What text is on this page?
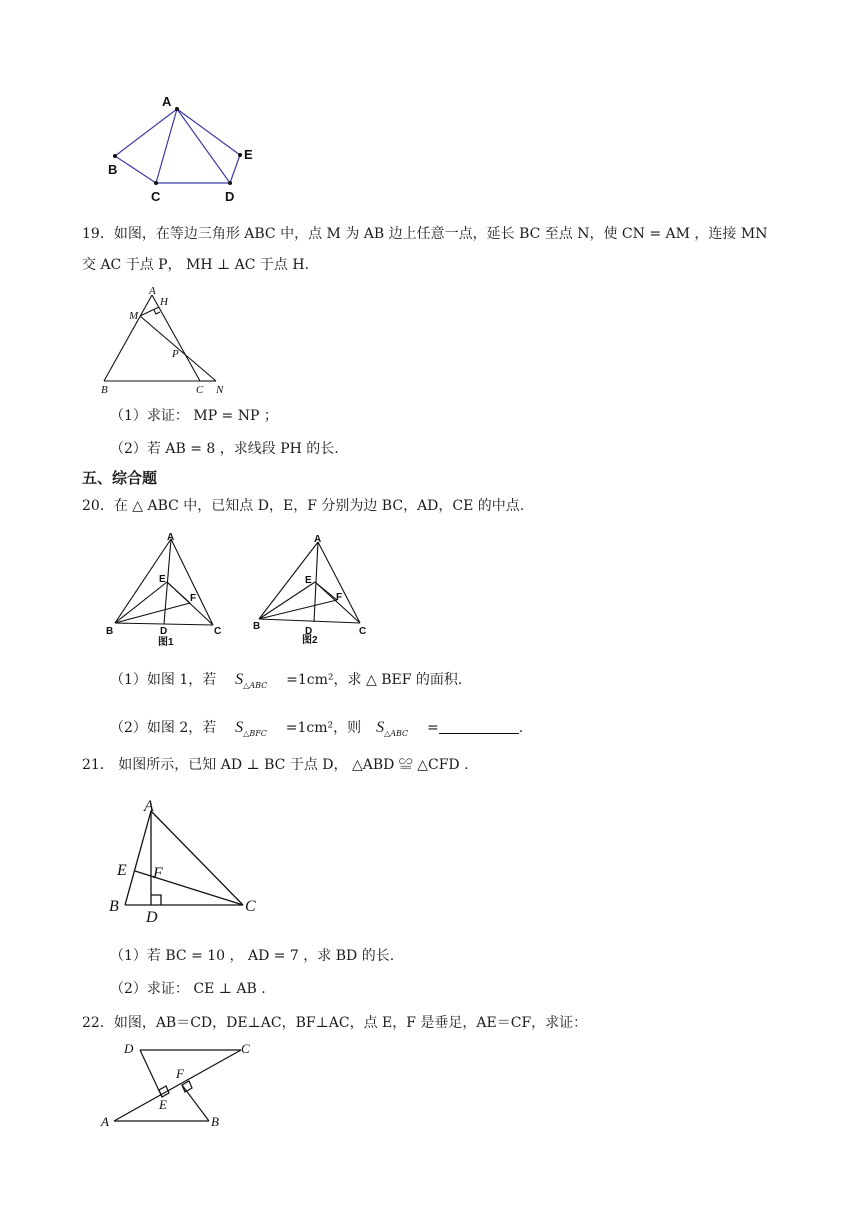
A
B
C	D
E
19．如图，在等边三角形 ABC 中，点 M 为 AB 边上任意一点，延长 BC 至点 N，使 CN = AM ，连接 MN
交 AC 于点 P， MH ⊥ AC 于点 H.
A
H
M
P
B	C N
（1）求证： MP = NP ；
（2）若 AB = 8 ，求线段 PH 的长.
五、综合题
20．在 △ ABC 中，已知点 D，E，F 分别为边 BC，AD，CE 的中点.
A
E
F
B	D	C
图1
A
E
F
B	D	C
图2
（1）如图 1，若 $S_{\triangle ABC} =1cm^2$，求 △ BEF 的面积.
（2）如图 2，若 $S_{\triangle BFC} =1cm^2$，则 $S_{\triangle ABC}$ =	.
21． 如图所示，已知 AD ⊥ BC 于点 D， △ABD ≌ △CFD .
A
E F
B
D
C
（1）若 BC = 10 ， AD = 7 ，求 BD 的长.
（2）求证： CE ⊥ AB .
22．如图，AB＝CD，DE⊥AC，BF⊥AC，点 E，F 是垂足，AE＝CF，求证：
D	C
F
E
A	B
